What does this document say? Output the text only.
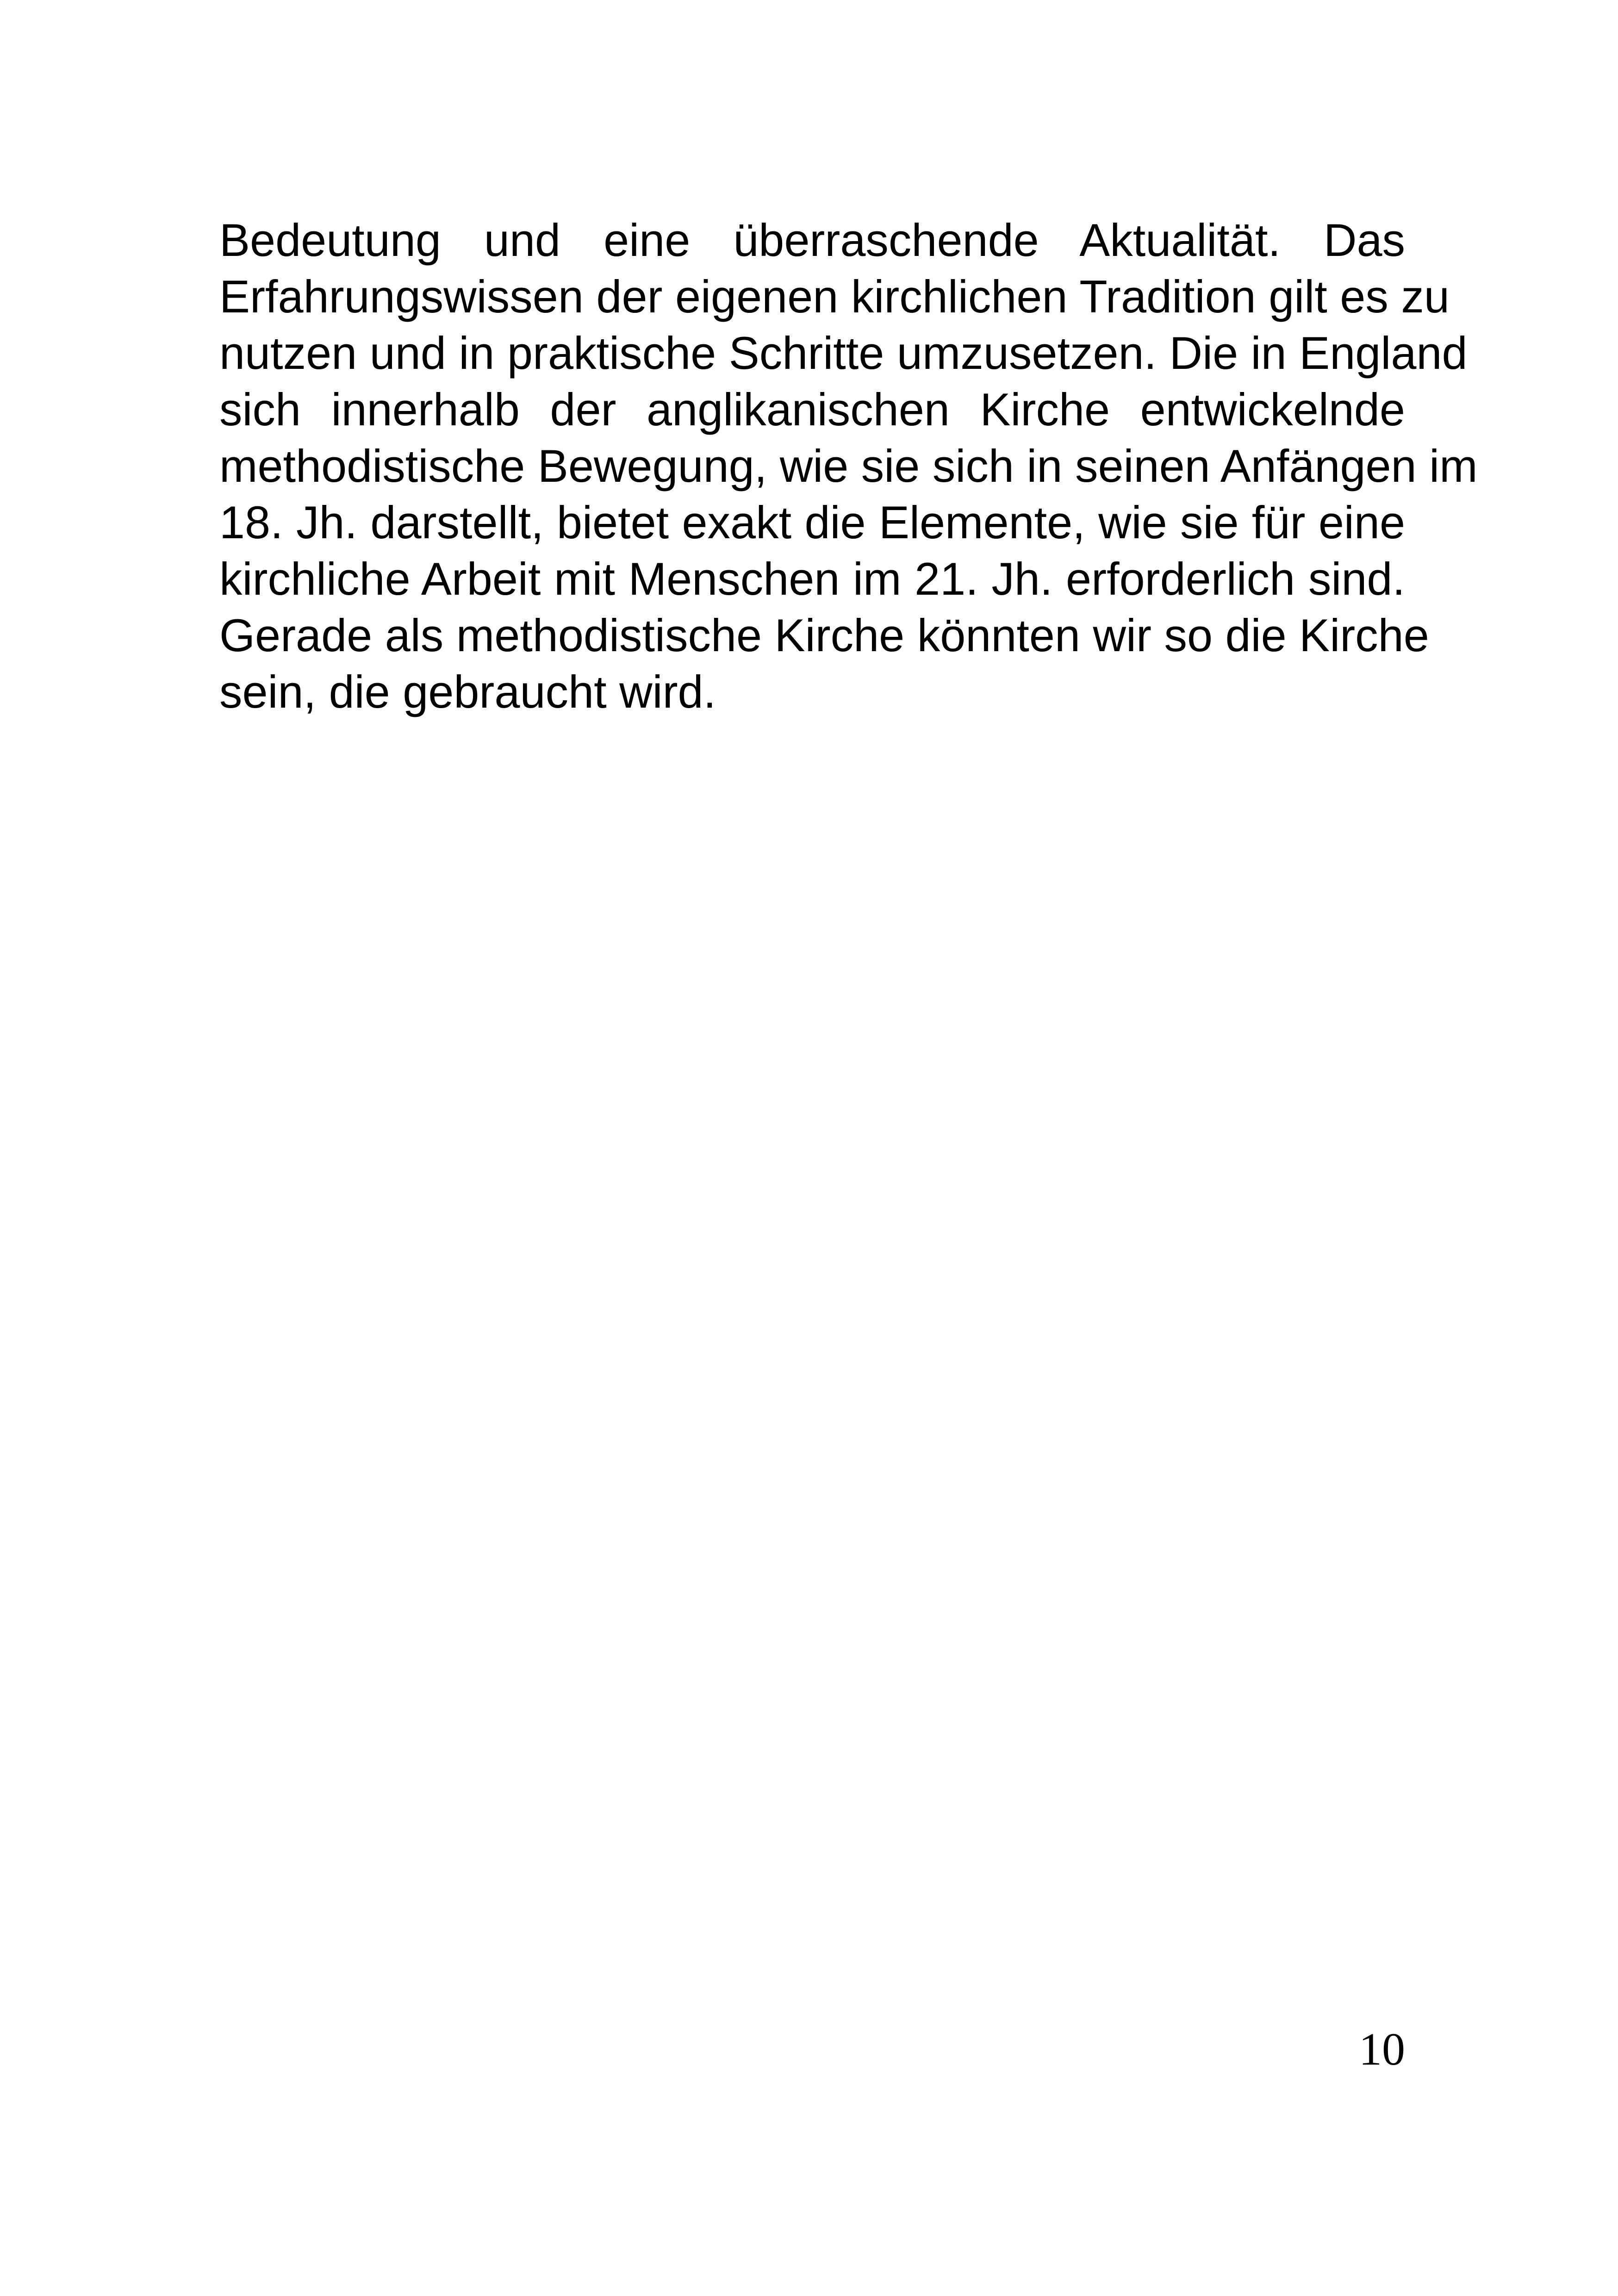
Bedeutung und eine überraschende Aktualität. Das
Erfahrungswissen der eigenen kirchlichen Tradition gilt es zu
nutzen und in praktische Schritte umzusetzen. Die in England
sich innerhalb der anglikanischen Kirche entwickelnde
methodistische Bewegung, wie sie sich in seinen Anfängen im
18. Jh. darstellt, bietet exakt die Elemente, wie sie für eine
kirchliche Arbeit mit Menschen im 21. Jh. erforderlich sind.
Gerade als methodistische Kirche könnten wir so die Kirche
sein, die gebraucht wird.

10
